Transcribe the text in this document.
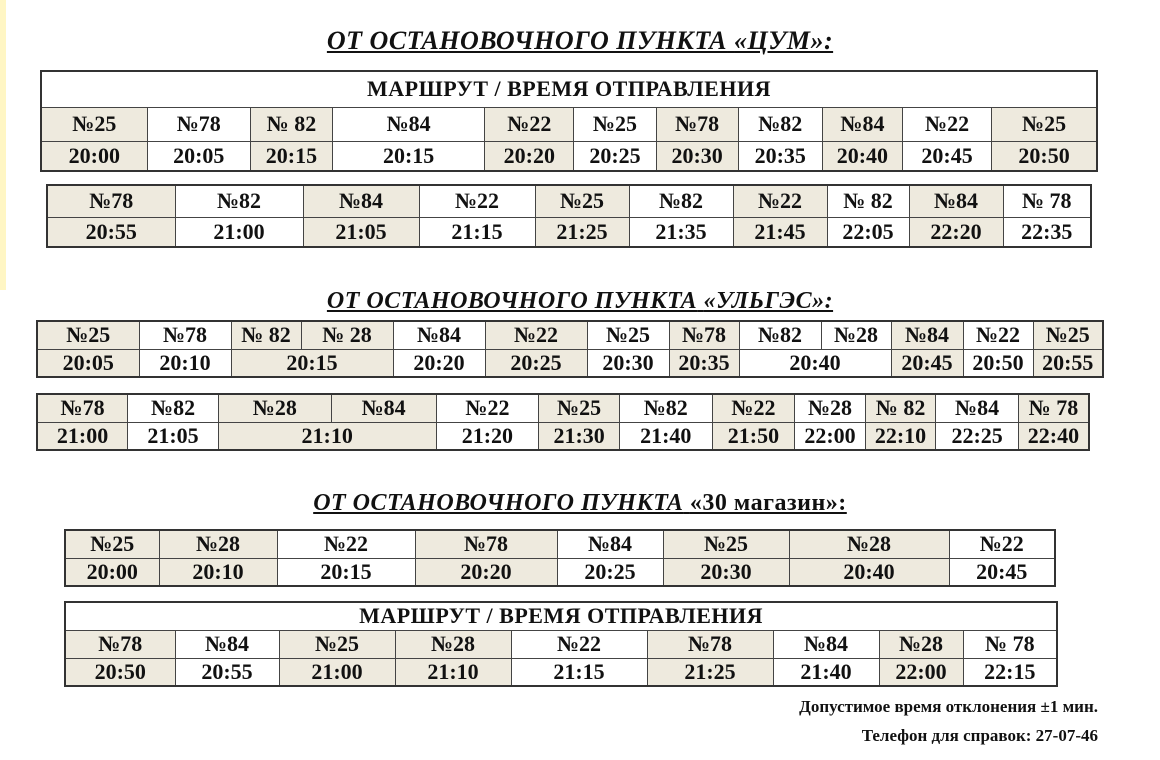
ОТ ОСТАНОВОЧНОГО ПУНКТА «ЦУМ»:
МАРШРУТ / ВРЕМЯ ОТПРАВЛЕНИЯ										
№25	№78	№ 82	№84	№22	№25	№78	№82	№84	№22	№25
20:00	20:05	20:15	20:15	20:20	20:25	20:30	20:35	20:40	20:45	20:50
№78	№82	№84	№22	№25	№82	№22	№ 82	№84	№ 78
20:55	21:00	21:05	21:15	21:25	21:35	21:45	22:05	22:20	22:35
ОТ ОСТАНОВОЧНОГО ПУНКТА «УЛЬГЭС»:
№25	№78	№ 82	№ 28	№84	№22	№25	№78	№82	№28	№84	№22	№25
20:05	20:10	20:15		20:20	20:25	20:30	20:35	20:40		20:45	20:50	20:55
№78	№82	№28	№84	№22	№25	№82	№22	№28	№ 82	№84	№ 78
21:00	21:05	21:10		21:20	21:30	21:40	21:50	22:00	22:10	22:25	22:40
ОТ ОСТАНОВОЧНОГО ПУНКТА «30 магазин»:
№25	№28	№22	№78	№84	№25	№28	№22
20:00	20:10	20:15	20:20	20:25	20:30	20:40	20:45
МАРШРУТ / ВРЕМЯ ОТПРАВЛЕНИЯ								
№78	№84	№25	№28	№22	№78	№84	№28	№ 78
20:50	20:55	21:00	21:10	21:15	21:25	21:40	22:00	22:15
Допустимое время отклонения ±1 мин.
Телефон для справок: 27-07-46
